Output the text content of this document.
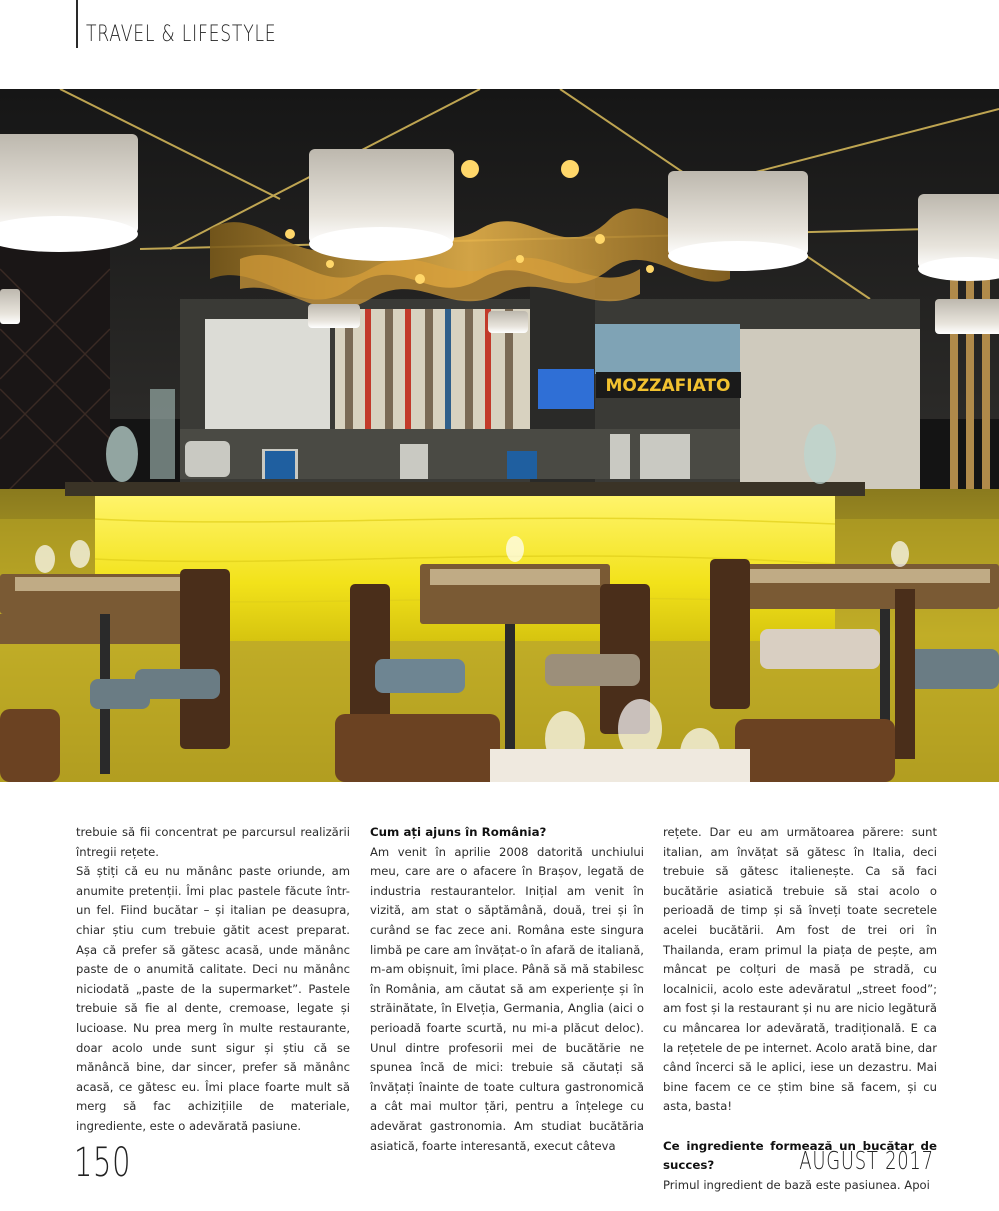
TRAVEL & LIFESTYLE
MOZZAFIATO

trebuie să fii concentrat pe parcursul realizării întregii rețete.

Să știți că eu nu mănânc paste oriunde, am anumite pretenții. Îmi plac pastele făcute într-un fel. Fiind bucătar – și italian pe deasupra, chiar știu cum trebuie gătit acest preparat. Așa că prefer să gătesc acasă, unde mănânc paste de o anumită calitate. Deci nu mănânc niciodată „paste de la supermarket”. Pastele trebuie să fie al dente, cremoase, legate și lucioase. Nu prea merg în multe restaurante, doar acolo unde sunt sigur și știu că se mănâncă bine, dar sincer, prefer să mănânc acasă, ce gătesc eu. Îmi place foarte mult să merg să fac achizițiile de materiale, ingrediente, este o adevărată pasiune.

Cum ați ajuns în România?

Am venit în aprilie 2008 datorită unchiului meu, care are o afacere în Brașov, legată de industria restaurantelor. Inițial am venit în vizită, am stat o săptămână, două, trei și în curând se fac zece ani. Româna este singura limbă pe care am învățat-o în afară de italiană, m-am obișnuit, îmi place. Până să mă stabilesc în România, am căutat să am experiențe și în străinătate, în Elveția, Germania, Anglia (aici o perioadă foarte scurtă, nu mi-a plăcut deloc). Unul dintre profesorii mei de bucătărie ne spunea încă de mici: trebuie să căutați să învățați înainte de toate cultura gastronomică a cât mai multor țări, pentru a înțelege cu adevărat gastronomia. Am studiat bucătăria asiatică, foarte interesantă, execut câteva

rețete. Dar eu am următoarea părere: sunt italian, am învățat să gătesc în Italia, deci trebuie să gătesc italienește. Ca să faci bucătărie asiatică trebuie să stai acolo o perioadă de timp și să înveți toate secretele acelei bucătării. Am fost de trei ori în Thailanda, eram primul la piața de pește, am mâncat pe colțuri de masă pe stradă, cu localnicii, acolo este adevăratul „street food”; am fost și la restaurant și nu are nicio legătură cu mâncarea lor adevărată, tradițională. E ca la rețetele de pe internet. Acolo arată bine, dar când încerci să le aplici, iese un dezastru. Mai bine facem ce ce știm bine să facem, și cu asta, basta!

Ce ingrediente formează un bucătar de succes?

Primul ingredient de bază este pasiunea. Apoi

150	AUGUST 2017
